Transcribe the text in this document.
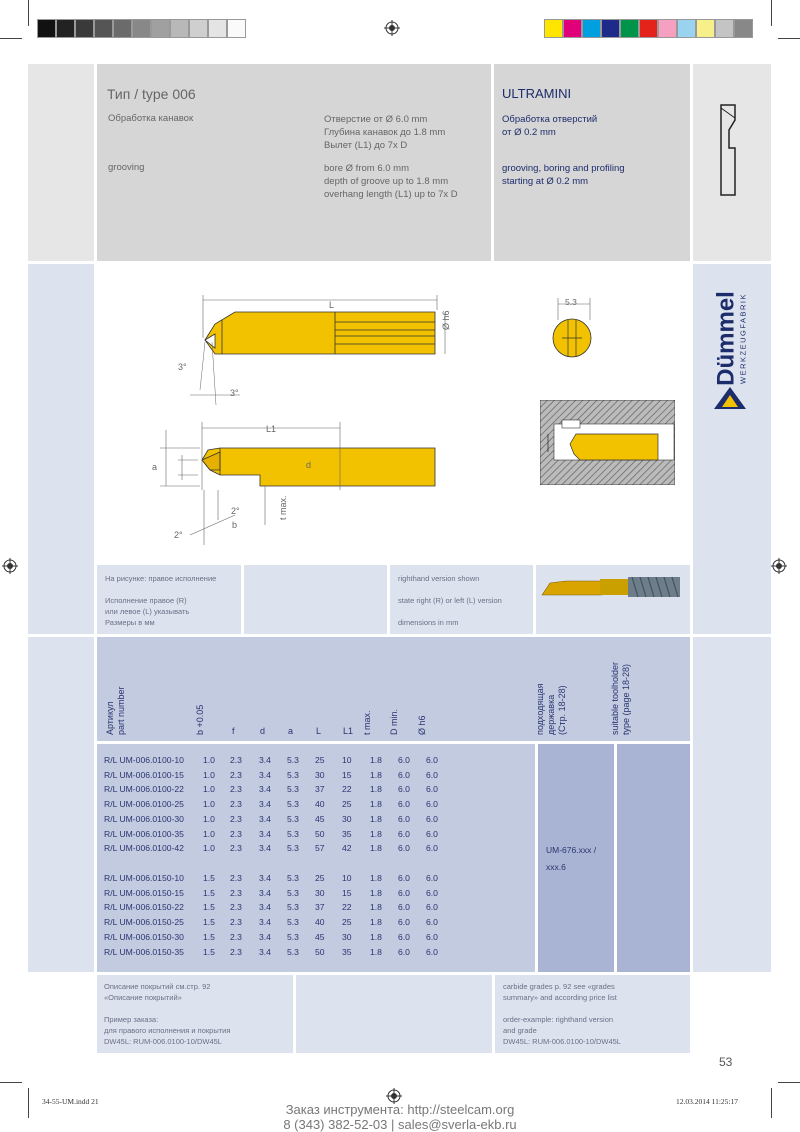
Тип / type 006
Обработка канавок	Отверстие от Ø 6.0 mm
Глубина канавок до 1.8 mm
Вылет (L1) до 7x D
grooving	bore Ø from 6.0 mm
depth of groove up to 1.8 mm
overhang length (L1) up to 7x D
ULTRAMINI
Обработка отверстий
от Ø 0.2 mm
grooving, boring and profiling
starting at Ø 0.2 mm
Dümmel WERKZEUGFABRIK
L
Ø h6
3°
3°
L1
a	d
t max.
2°
2°
b
5.3
На рисунке: правое исполнение
Исполнение правое (R)
или левое (L) указывать
Размеры в мм
righthand version shown
state right (R) or left (L) version
dimensions in mm
Артикул part number	b +0.05	f	d	a	L L1 t max. D min. Ø h6	подходящая державка (Стр. 18-28)	suitable toolholder type (page 18-28)
R/L UM-006.0100-10 1.0 2.3 3.4 5.3 25 10 1.8 6.0 6.0
R/L UM-006.0100-15 1.0 2.3 3.4 5.3 30 15 1.8 6.0 6.0
R/L UM-006.0100-22 1.0 2.3 3.4 5.3 37 22 1.8 6.0 6.0
R/L UM-006.0100-25 1.0 2.3 3.4 5.3 40 25 1.8 6.0 6.0
R/L UM-006.0100-30 1.0 2.3 3.4 5.3 45 30 1.8 6.0 6.0
R/L UM-006.0100-35 1.0 2.3 3.4 5.3 50 35 1.8 6.0 6.0
R/L UM-006.0100-42 1.0 2.3 3.4 5.3 57 42 1.8 6.0 6.0
R/L UM-006.0150-10 1.5 2.3 3.4 5.3 25 10 1.8 6.0 6.0
R/L UM-006.0150-15 1.5 2.3 3.4 5.3 30 15 1.8 6.0 6.0
R/L UM-006.0150-22 1.5 2.3 3.4 5.3 37 22 1.8 6.0 6.0
R/L UM-006.0150-25 1.5 2.3 3.4 5.3 40 25 1.8 6.0 6.0
R/L UM-006.0150-30 1.5 2.3 3.4 5.3 45 30 1.8 6.0 6.0
R/L UM-006.0150-35 1.5 2.3 3.4 5.3 50 35 1.8 6.0 6.0
UM-676.xxx /
xxx.6
Описание покрытий см.стр. 92
«Описание покрытий»
Пример заказа:
для правого исполнения и покрытия
DW45L: RUM-006.0100-10/DW45L
carbide grades p. 92 see «grades
summary» and according price list
order-example: righthand version
and grade
DW45L: RUM-006.0100-10/DW45L
53
34-55-UM.indd 21	12.03.2014 11:25:17
Заказ инструмента: http://steelcam.org
8 (343) 382-52-03 | sales@sverla-ekb.ru
